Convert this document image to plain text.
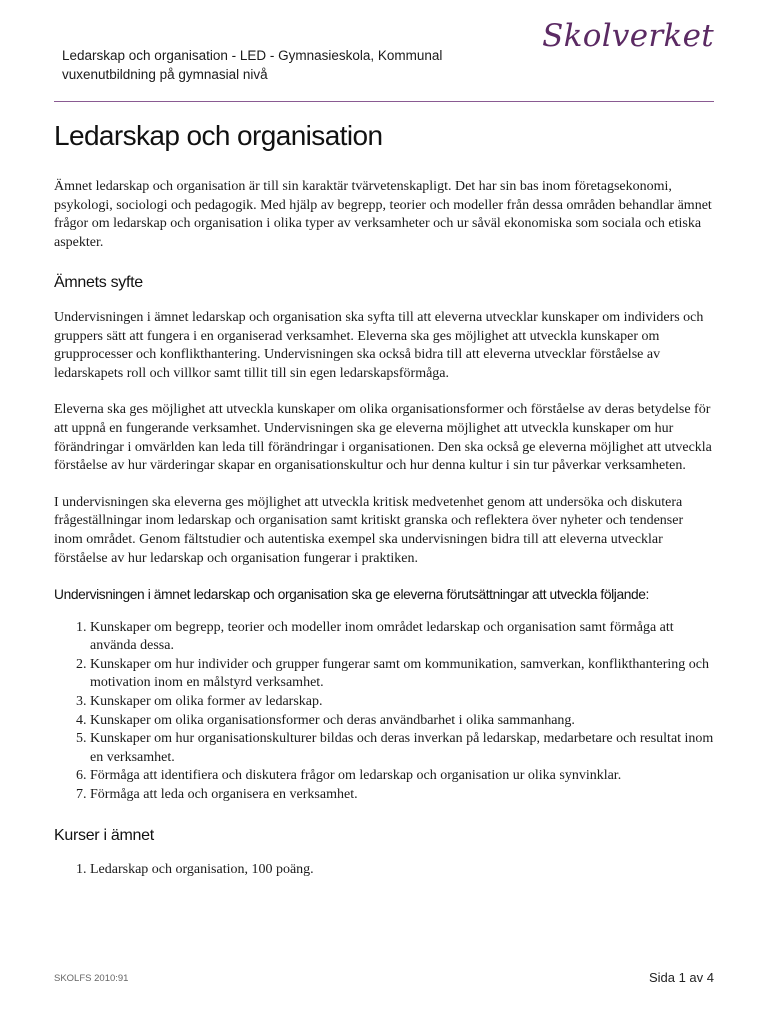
Ledarskap och organisation - LED - Gymnasieskola, Kommunal vuxenutbildning på gymnasial nivå
Skolverket
Ledarskap och organisation

Ämnet ledarskap och organisation är till sin karaktär tvärvetenskapligt. Det har sin bas inom företagsekonomi, psykologi, sociologi och pedagogik. Med hjälp av begrepp, teorier och modeller från dessa områden behandlar ämnet frågor om ledarskap och organisation i olika typer av verksamheter och ur såväl ekonomiska som sociala och etiska aspekter.

Ämnets syfte

Undervisningen i ämnet ledarskap och organisation ska syfta till att eleverna utvecklar kunskaper om individers och gruppers sätt att fungera i en organiserad verksamhet. Eleverna ska ges möjlighet att utveckla kunskaper om grupprocesser och konflikthantering. Undervisningen ska också bidra till att eleverna utvecklar förståelse av ledarskapets roll och villkor samt tillit till sin egen ledarskapsförmåga.

Eleverna ska ges möjlighet att utveckla kunskaper om olika organisationsformer och förståelse av deras betydelse för att uppnå en fungerande verksamhet. Undervisningen ska ge eleverna möjlighet att utveckla kunskaper om hur förändringar i omvärlden kan leda till förändringar i organisationen. Den ska också ge eleverna möjlighet att utveckla förståelse av hur värderingar skapar en organisationskultur och hur denna kultur i sin tur påverkar verksamheten.

I undervisningen ska eleverna ges möjlighet att utveckla kritisk medvetenhet genom att undersöka och diskutera frågeställningar inom ledarskap och organisation samt kritiskt granska och reflektera över nyheter och tendenser inom området. Genom fältstudier och autentiska exempel ska undervisningen bidra till att eleverna utvecklar förståelse av hur ledarskap och organisation fungerar i praktiken.

Undervisningen i ämnet ledarskap och organisation ska ge eleverna förutsättningar att utveckla följande:
1. Kunskaper om begrepp, teorier och modeller inom området ledarskap och organisation samt förmåga att använda dessa.
2. Kunskaper om hur individer och grupper fungerar samt om kommunikation, samverkan, konflikthantering och motivation inom en målstyrd verksamhet.
3. Kunskaper om olika former av ledarskap.
4. Kunskaper om olika organisationsformer och deras användbarhet i olika sammanhang.
5. Kunskaper om hur organisationskulturer bildas och deras inverkan på ledarskap, medarbetare och resultat inom en verksamhet.
6. Förmåga att identifiera och diskutera frågor om ledarskap och organisation ur olika synvinklar.
7. Förmåga att leda och organisera en verksamhet.
Kurser i ämnet
1. Ledarskap och organisation, 100 poäng.
SKOLFS 2010:91	Sida 1 av 4
